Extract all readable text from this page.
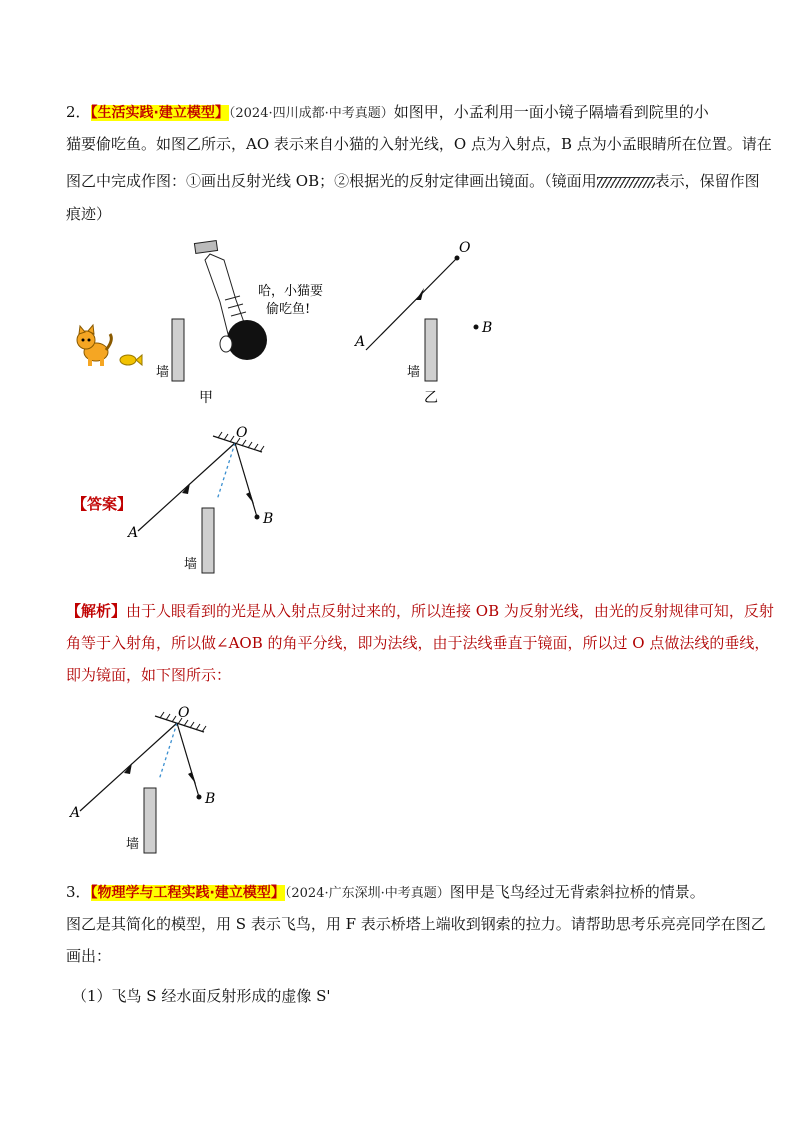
2．【生活实践·建立模型】（2024·四川成都·中考真题）如图甲，小孟利用一面小镜子隔墙看到院里的小
猫要偷吃鱼。如图乙所示，AO 表示来自小猫的入射光线，O 点为入射点，B 点为小孟眼睛所在位置。请在
图乙中完成作图：①画出反射光线 OB；②根据光的反射定律画出镜面。（镜面用	表示，保留作图
痕迹）
墙
哈，小猫要
偷吃鱼!
甲
O
A
B
墙
乙
【答案】
O
A
B
墙
【解析】由于人眼看到的光是从入射点反射过来的，所以连接 OB 为反射光线，由光的反射规律可知，反射
角等于入射角，所以做∠AOB 的角平分线，即为法线，由于法线垂直于镜面，所以过 O 点做法线的垂线，
即为镜面，如下图所示：
O
A
B
墙
3．【物理学与工程实践·建立模型】（2024·广东深圳·中考真题）图甲是飞鸟经过无背索斜拉桥的情景。
图乙是其简化的模型，用 S 表示飞鸟，用 F 表示桥塔上端收到钢索的拉力。请帮助思考乐亮亮同学在图乙
画出：
（1）飞鸟 S 经水面反射形成的虚像 S'
